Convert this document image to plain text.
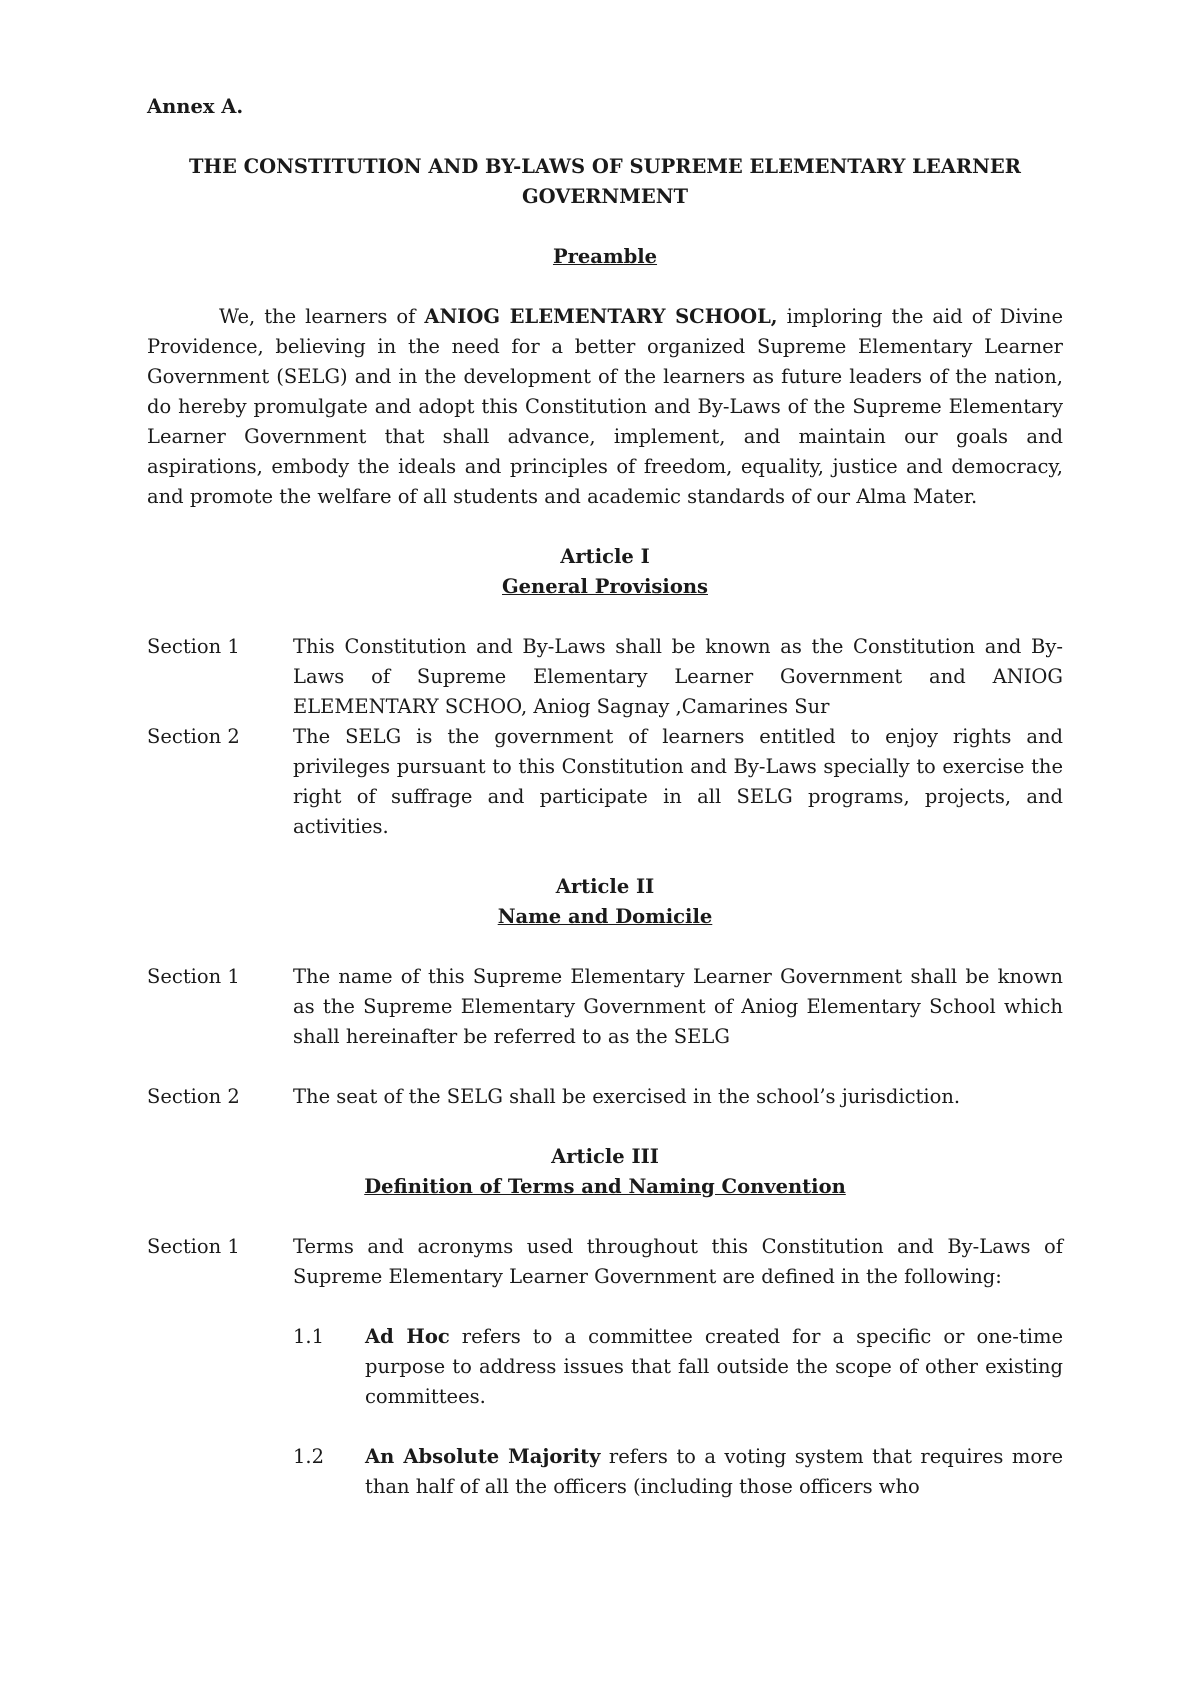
Annex A.

THE CONSTITUTION AND BY-LAWS OF SUPREME ELEMENTARY LEARNER GOVERNMENT

Preamble

We, the learners of ANIOG ELEMENTARY SCHOOL, imploring the aid of Divine Providence, believing in the need for a better organized Supreme Elementary Learner Government (SELG) and in the development of the learners as future leaders of the nation, do hereby promulgate and adopt this Constitution and By-Laws of the Supreme Elementary Learner Government that shall advance, implement, and maintain our goals and aspirations, embody the ideals and principles of freedom, equality, justice and democracy, and promote the welfare of all students and academic standards of our Alma Mater.

Article I

General Provisions

Section 1	This Constitution and By-Laws shall be known as the Constitution and By-Laws of Supreme Elementary Learner Government and ANIOG ELEMENTARY SCHOO, Aniog Sagnay ,Camarines Sur

Section 2	The SELG is the government of learners entitled to enjoy rights and privileges pursuant to this Constitution and By-Laws specially to exercise the right of suffrage and participate in all SELG programs, projects, and activities.

Article II

Name and Domicile

Section 1	The name of this Supreme Elementary Learner Government shall be known as the Supreme Elementary Government of Aniog Elementary School which shall hereinafter be referred to as the SELG

Section 2	The seat of the SELG shall be exercised in the school’s jurisdiction.

Article III

Definition of Terms and Naming Convention

Section 1	Terms and acronyms used throughout this Constitution and By-Laws of Supreme Elementary Learner Government are defined in the following:

1.1	Ad Hoc refers to a committee created for a specific or one-time purpose to address issues that fall outside the scope of other existing committees.

1.2	An Absolute Majority refers to a voting system that requires more than half of all the officers (including those officers who
